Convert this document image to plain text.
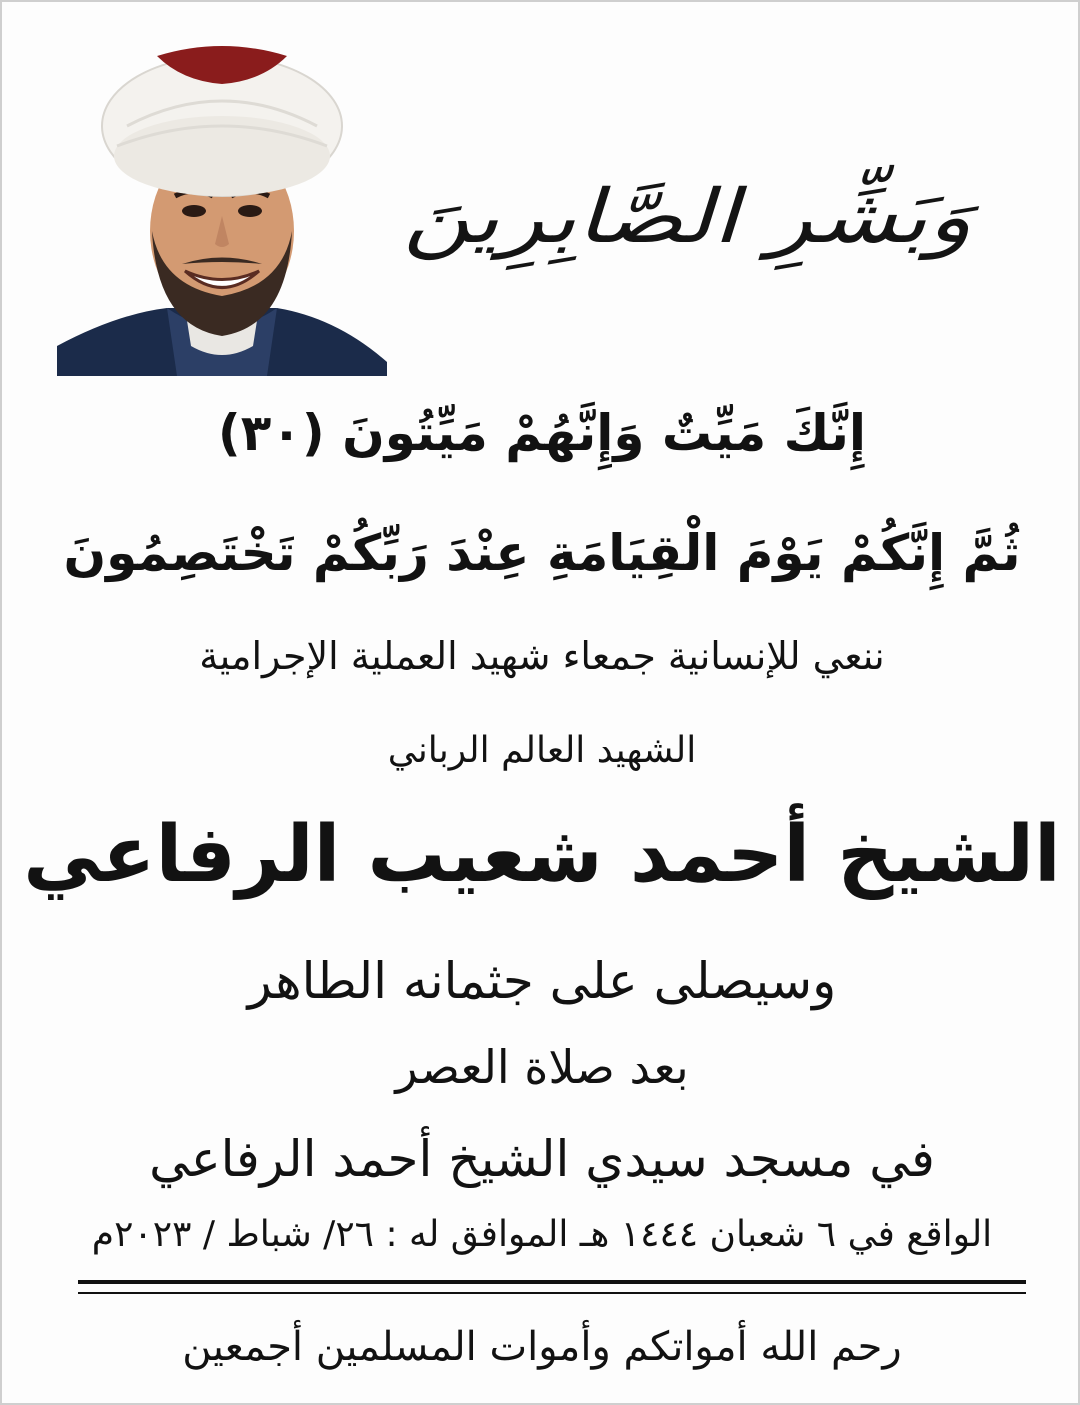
وَبَشِّرِ الصَّابِرِينَ
إِنَّكَ مَيِّتٌ وَإِنَّهُمْ مَيِّتُونَ (٣٠)
ثُمَّ إِنَّكُمْ يَوْمَ الْقِيَامَةِ عِنْدَ رَبِّكُمْ تَخْتَصِمُونَ
ننعي للإنسانية جمعاء شهيد العملية الإجرامية
الشهيد العالم الرباني
الشيخ أحمد شعيب الرفاعي
وسيصلى على جثمانه الطاهر
بعد صلاة العصر
في مسجد سيدي الشيخ أحمد الرفاعي
الواقع في ٦ شعبان ١٤٤٤ هـ الموافق له : ٢٦/ شباط / ٢٠٢٣م
رحم الله أمواتكم وأموات المسلمين أجمعين
